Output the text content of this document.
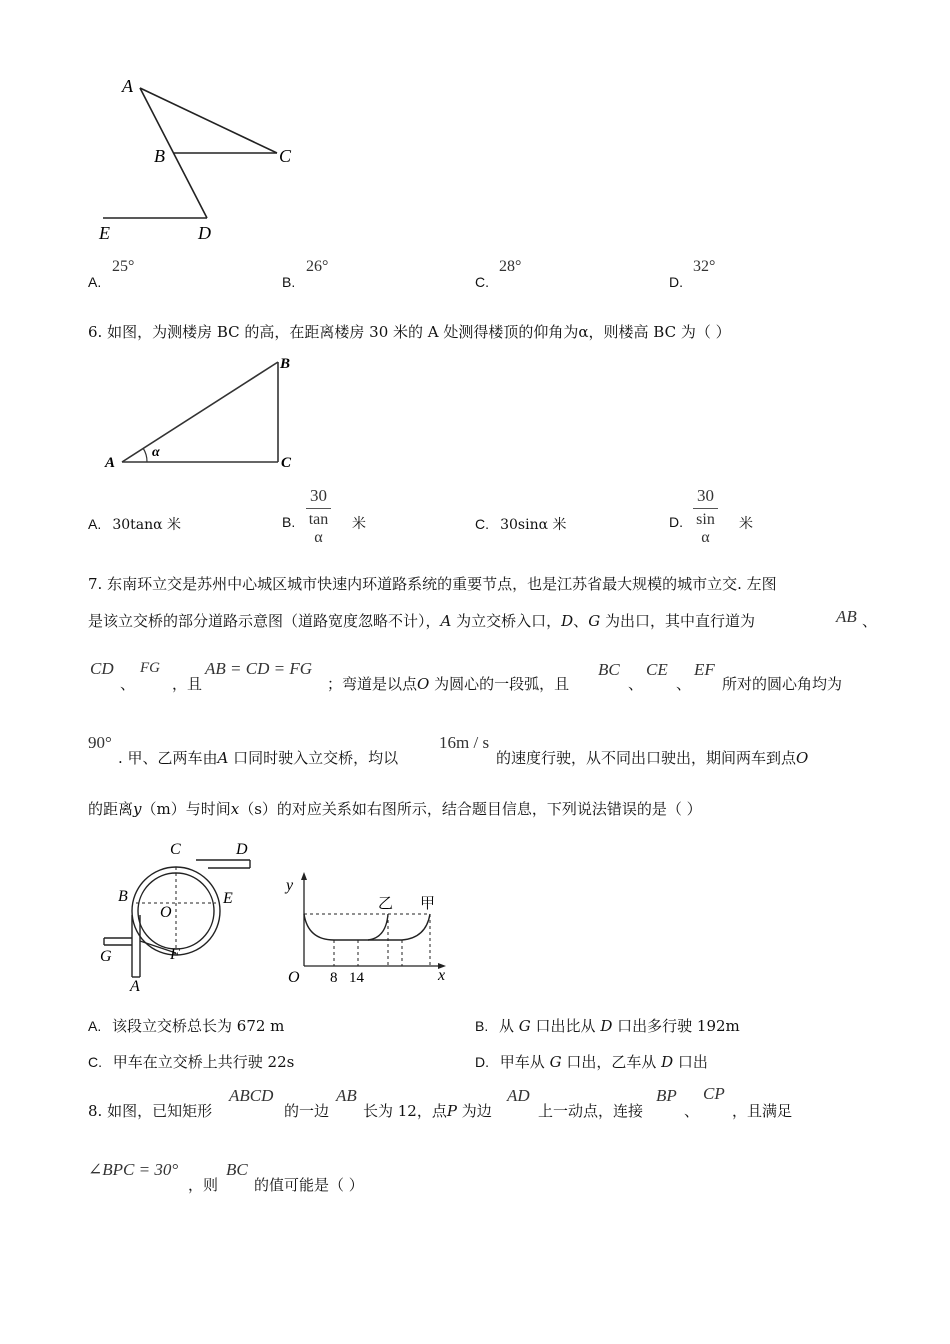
A
B	C
E	D
A.
25°
B.
26°
C.
28°
D.
32°
6. 如图，为测楼房 BC 的高，在距离楼房 30 米的 A 处测得楼顶的仰角为α，则楼高 BC 为（ ）
A
B
C
α
A. 30tanα 米	B. $\frac{30}{\text{tan α}}$ 米	C. 30sinα 米	D. $\frac{30}{\text{sin α}}$ 米
7. 东南环立交是苏州中心城区城市快速内环道路系统的重要节点，也是江苏省最大规模的城市立交. 左图
是该立交桥的部分道路示意图（道路宽度忽略不计），A 为立交桥入口，D、G 为出口，其中直行道为	AB 、
CD
、
FG
，且
AB = CD = FG
；弯道是以点O 为圆心的一段弧，且
BC
、
CE
、
EF
所对的圆心角均为
90°
. 甲、乙两车由A 口同时驶入立交桥，均以
16m / s
的速度行驶，从不同出口驶出，期间两车到点O
的距离y（m）与时间x（s）的对应关系如右图所示，结合题目信息，下列说法错误的是（ ）
C	D
B	E
O
G	F
A
y
x
O 8 14
乙 甲
A. 该段立交桥总长为 672 m	B. 从 G 口出比从 D 口出多行驶 192m
C. 甲车在立交桥上共行驶 22s	D. 甲车从 G 口出，乙车从 D 口出
8. 如图，已知矩形
ABCD
的一边
AB
长为 12，点P 为边
AD
上一动点，连接
BP
、
CP
，且满足
∠BPC = 30°
，则
BC
的值可能是（ ）
